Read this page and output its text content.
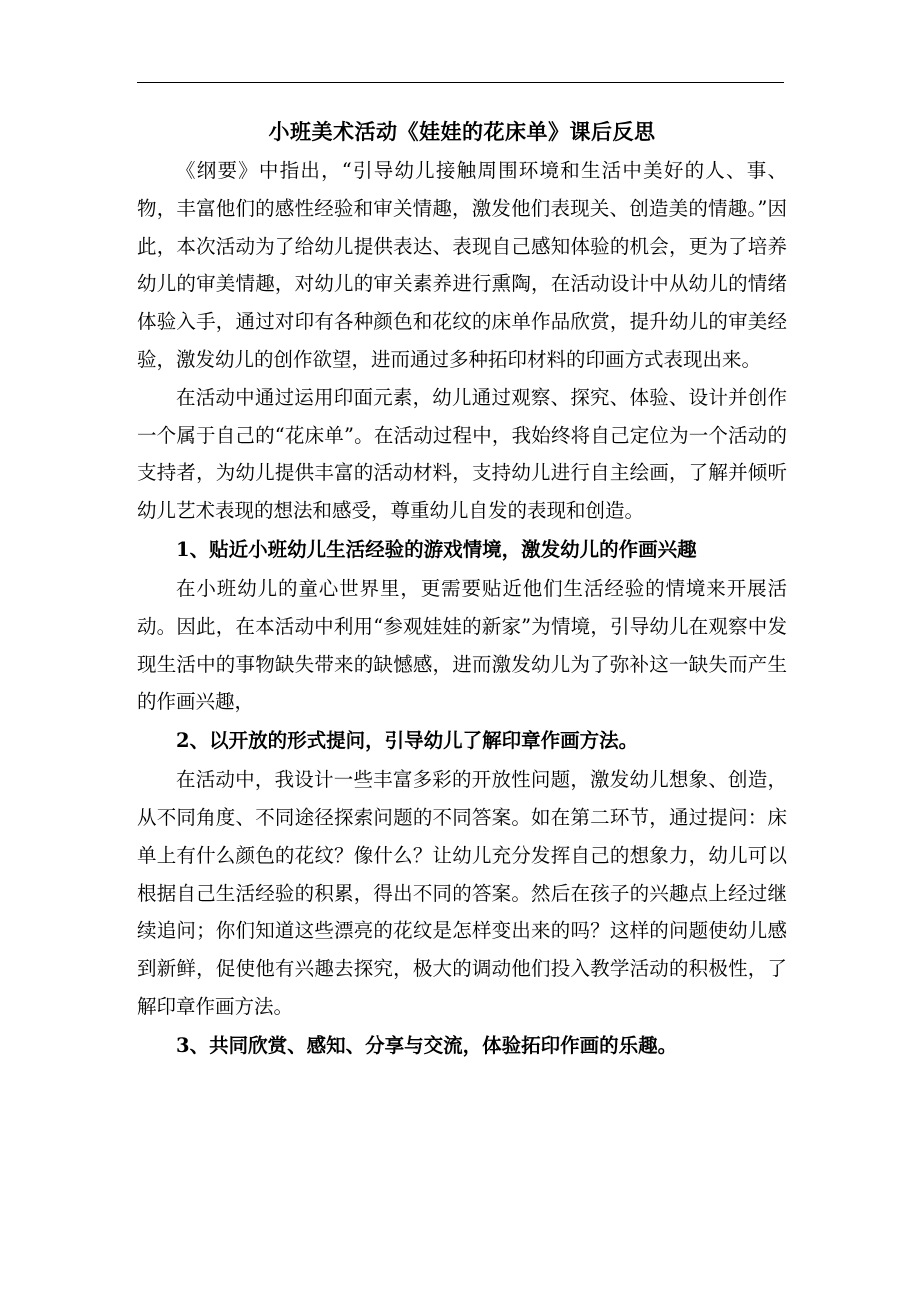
小班美术活动《娃娃的花床单》课后反思

《纲要》中指出，“引导幼儿接触周围环境和生活中美好的人、事、物，丰富他们的感性经验和审关情趣，激发他们表现关、创造美的情趣。”因此，本次活动为了给幼儿提供表达、表现自己感知体验的机会，更为了培养幼儿的审美情趣，对幼儿的审关素养进行熏陶，在活动设计中从幼儿的情绪体验入手，通过对印有各种颜色和花纹的床单作品欣赏，提升幼儿的审美经验，激发幼儿的创作欲望，进而通过多种拓印材料的印画方式表现出来。

在活动中通过运用印面元素，幼儿通过观察、探究、体验、设计并创作一个属于自己的“花床单”。在活动过程中，我始终将自己定位为一个活动的支持者，为幼儿提供丰富的活动材料，支持幼儿进行自主绘画，了解并倾听幼儿艺术表现的想法和感受，尊重幼儿自发的表现和创造。

1、贴近小班幼儿生活经验的游戏情境，激发幼儿的作画兴趣

在小班幼儿的童心世界里，更需要贴近他们生活经验的情境来开展活动。因此，在本活动中利用“参观娃娃的新家”为情境，引导幼儿在观察中发现生活中的事物缺失带来的缺憾感，进而激发幼儿为了弥补这一缺失而产生的作画兴趣，

2、以开放的形式提问，引导幼儿了解印章作画方法。

在活动中，我设计一些丰富多彩的开放性问题，激发幼儿想象、创造，从不同角度、不同途径探索问题的不同答案。如在第二环节，通过提问：床单上有什么颜色的花纹？像什么？让幼儿充分发挥自己的想象力，幼儿可以根据自己生活经验的积累，得出不同的答案。然后在孩子的兴趣点上经过继续追问；你们知道这些漂亮的花纹是怎样变出来的吗？这样的问题使幼儿感到新鲜，促使他有兴趣去探究，极大的调动他们投入教学活动的积极性，了解印章作画方法。

3、共同欣赏、感知、分享与交流，体验拓印作画的乐趣。
